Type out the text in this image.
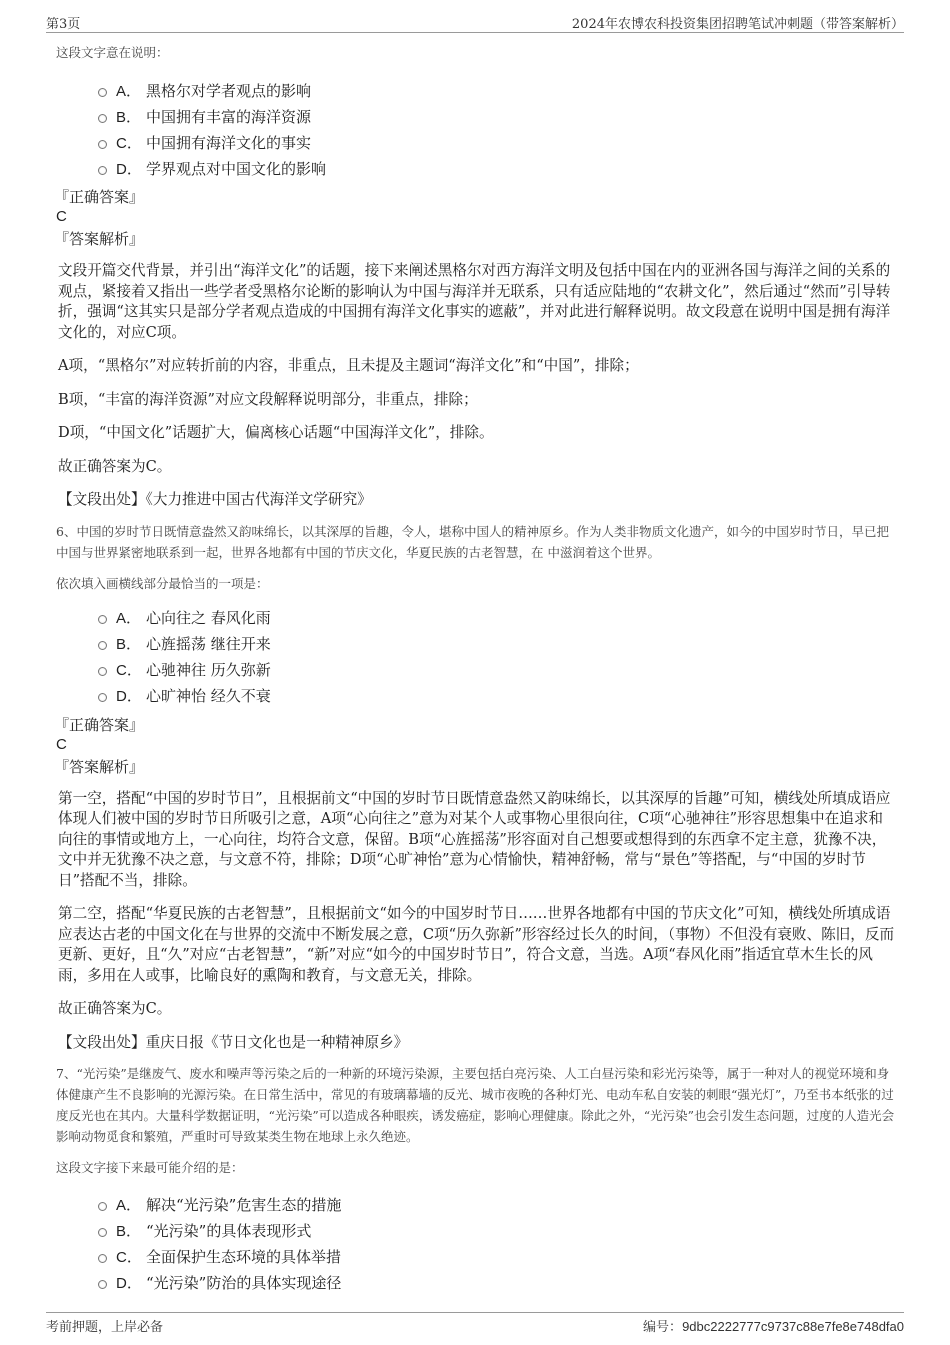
第3页	2024年农博农科投资集团招聘笔试冲刺题（带答案解析）
这段文字意在说明：
A． 黑格尔对学者观点的影响
B． 中国拥有丰富的海洋资源
C． 中国拥有海洋文化的事实
D． 学界观点对中国文化的影响
『正确答案』
C
『答案解析』

文段开篇交代背景，并引出“海洋文化”的话题，接下来阐述黑格尔对西方海洋文明及包括中国在内的亚洲各国与海洋之间的关系的观点，紧接着又指出一些学者受黑格尔论断的影响认为中国与海洋并无联系，只有适应陆地的“农耕文化”，然后通过“然而”引导转折，强调“这其实只是部分学者观点造成的中国拥有海洋文化事实的遮蔽”，并对此进行解释说明。故文段意在说明中国是拥有海洋文化的，对应C项。

A项，“黑格尔”对应转折前的内容，非重点，且未提及主题词“海洋文化”和“中国”，排除；

B项，“丰富的海洋资源”对应文段解释说明部分，非重点，排除；

D项，“中国文化”话题扩大，偏离核心话题“中国海洋文化”，排除。

故正确答案为C。

【文段出处】《大力推进中国古代海洋文学研究》

6、中国的岁时节日既情意盎然又韵味绵长，以其深厚的旨趣，令人，堪称中国人的精神原乡。作为人类非物质文化遗产，如今的中国岁时节日，早已把中国与世界紧密地联系到一起，世界各地都有中国的节庆文化，华夏民族的古老智慧，在 中滋润着这个世界。

依次填入画横线部分最恰当的一项是：
A． 心向往之 春风化雨
B． 心旌摇荡 继往开来
C． 心驰神往 历久弥新
D． 心旷神怡 经久不衰
『正确答案』
C
『答案解析』

第一空，搭配“中国的岁时节日”，且根据前文“中国的岁时节日既情意盎然又韵味绵长，以其深厚的旨趣”可知，横线处所填成语应体现人们被中国的岁时节日所吸引之意，A项“心向往之”意为对某个人或事物心里很向往，C项“心驰神往”形容思想集中在追求和向往的事情或地方上，一心向往，均符合文意，保留。B项“心旌摇荡”形容面对自己想要或想得到的东西拿不定主意，犹豫不决，文中并无犹豫不决之意，与文意不符，排除；D项“心旷神怡”意为心情愉快，精神舒畅，常与“景色”等搭配，与“中国的岁时节日”搭配不当，排除。

第二空，搭配“华夏民族的古老智慧”，且根据前文“如今的中国岁时节日……世界各地都有中国的节庆文化”可知，横线处所填成语应表达古老的中国文化在与世界的交流中不断发展之意，C项“历久弥新”形容经过长久的时间，（事物）不但没有衰败、陈旧，反而更新、更好，且“久”对应“古老智慧”，“新”对应“如今的中国岁时节日”，符合文意，当选。A项“春风化雨”指适宜草木生长的风雨，多用在人或事，比喻良好的熏陶和教育，与文意无关，排除。

故正确答案为C。

【文段出处】重庆日报《节日文化也是一种精神原乡》

7、“光污染”是继废气、废水和噪声等污染之后的一种新的环境污染源，主要包括白亮污染、人工白昼污染和彩光污染等，属于一种对人的视觉环境和身体健康产生不良影响的光源污染。在日常生活中，常见的有玻璃幕墙的反光、城市夜晚的各种灯光、电动车私自安装的刺眼“强光灯”，乃至书本纸张的过度反光也在其内。大量科学数据证明，“光污染”可以造成各种眼疾，诱发癌症，影响心理健康。除此之外，“光污染”也会引发生态问题，过度的人造光会影响动物觅食和繁殖，严重时可导致某类生物在地球上永久绝迹。

这段文字接下来最可能介绍的是：
A． 解决“光污染”危害生态的措施
B． “光污染”的具体表现形式
C． 全面保护生态环境的具体举措
D． “光污染”防治的具体实现途径
考前押题，上岸必备	编号：9dbc2222777c9737c88e7fe8e748dfa0
